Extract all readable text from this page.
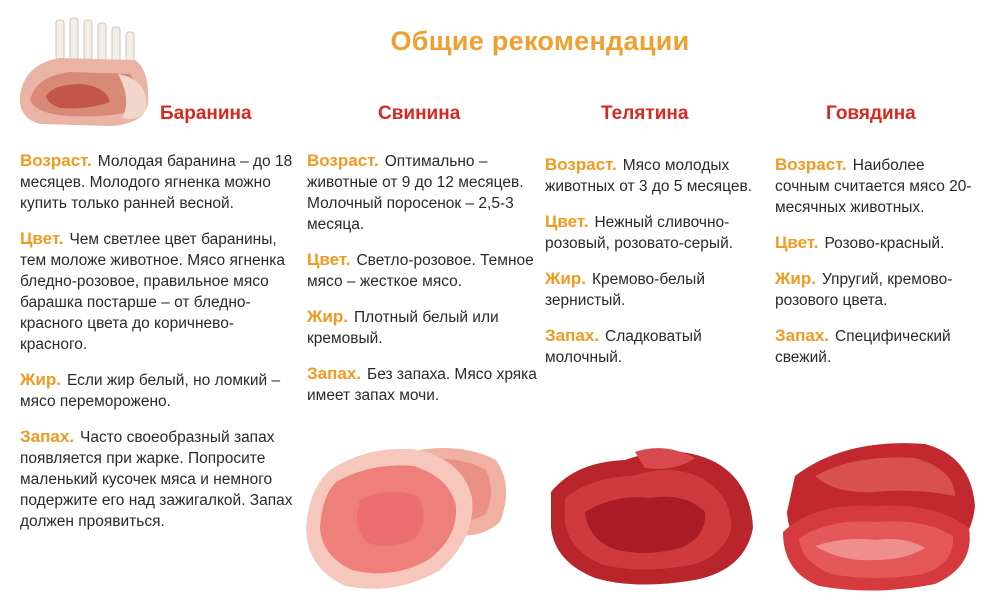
Общие рекомендации
Баранина
Возраст. Молодая баранина – до 18 месяцев. Молодого ягненка можно купить только ранней весной.
Цвет. Чем светлее цвет баранины, тем моложе животное. Мясо ягненка бледно-розовое, правильное мясо барашка постарше – от бледно-красного цвета до коричнево-красного.
Жир. Если жир белый, но ломкий – мясо переморожено.
Запах. Часто своеобразный запах появляется при жарке. Попросите маленький кусочек мяса и немного подержите его над зажигалкой. Запах должен проявиться.
Свинина
Возраст. Оптимально – животные от 9 до 12 месяцев. Молочный поросенок – 2,5-3 месяца.
Цвет. Светло-розовое. Темное мясо – жесткое мясо.
Жир. Плотный белый или кремовый.
Запах. Без запаха. Мясо хряка имеет запах мочи.
Телятина
Возраст. Мясо молодых животных от 3 до 5 месяцев.
Цвет. Нежный сливочно-розовый, розовато-серый.
Жир. Кремово-белый зернистый.
Запах. Сладковатый молочный.
Говядина
Возраст. Наиболее сочным считается мясо 20-месячных животных.
Цвет. Розово-красный.
Жир. Упругий, кремово-розового цвета.
Запах. Специфический свежий.
